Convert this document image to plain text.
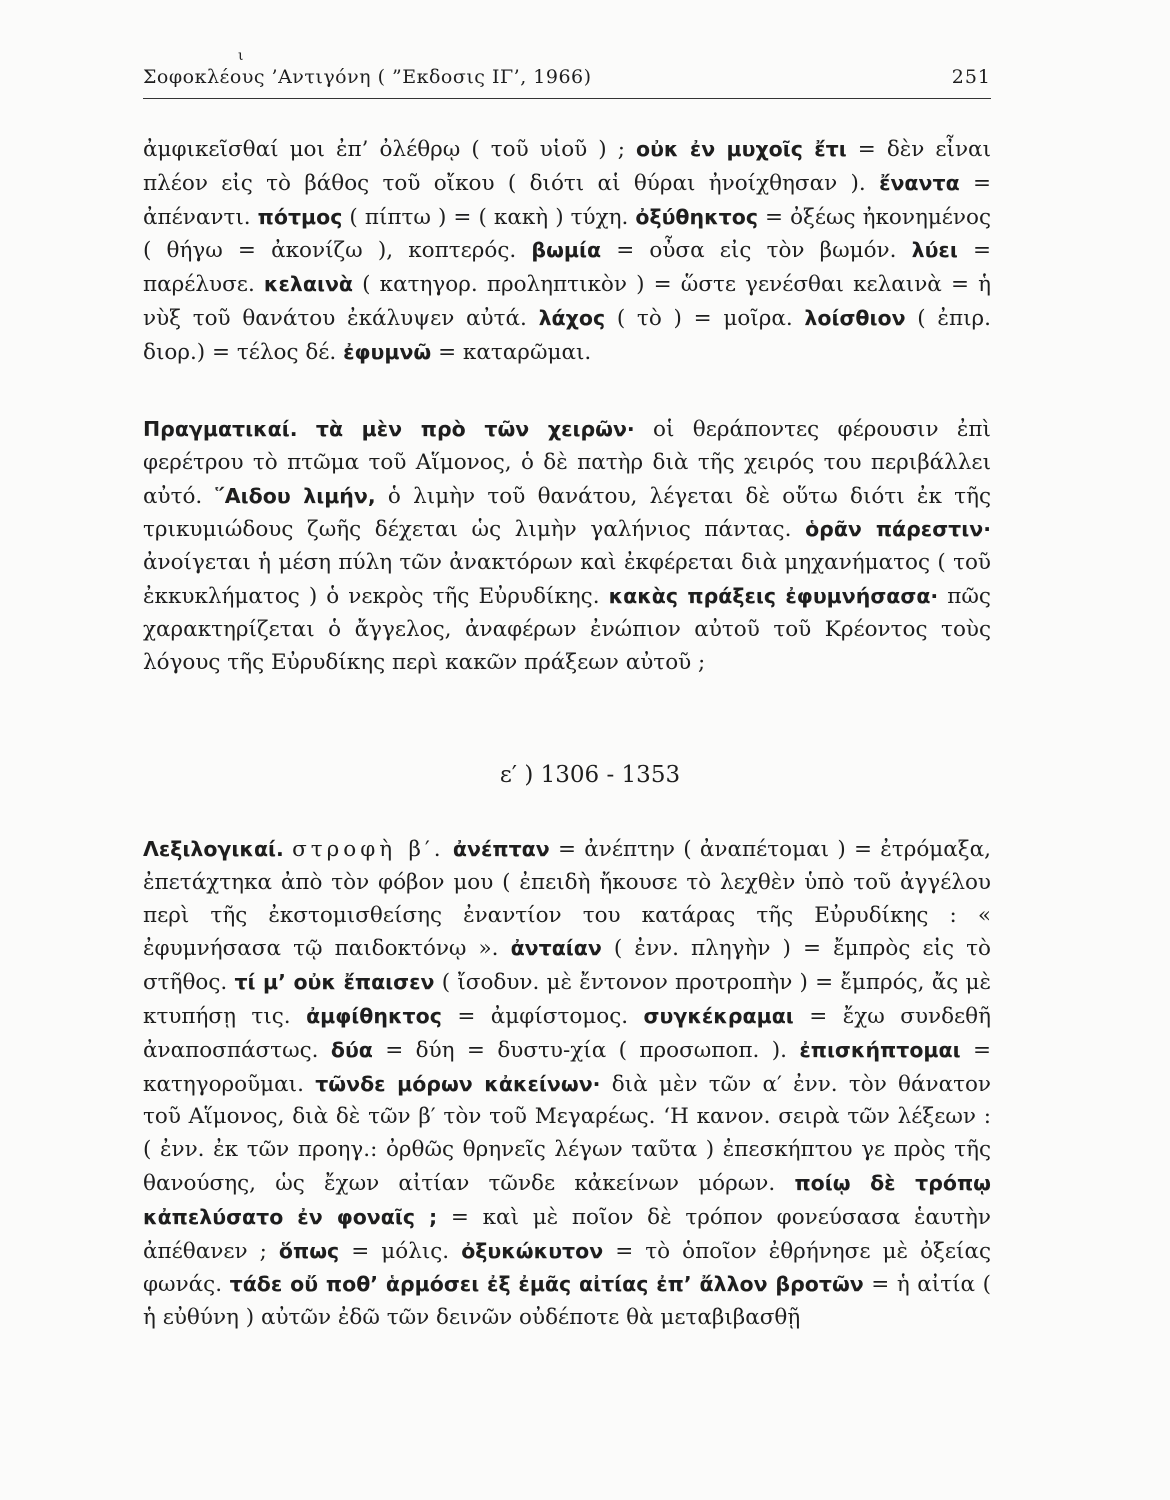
ι
Σοφοκλέους ’Αντιγόνη ( ”Εκδοσις ΙΓ’, 1966)	251
ἀμφικεῖσθαί μοι ἐπ’ ὀλέθρῳ ( τοῦ υἱοῦ ) ; οὐκ ἐν μυχοῖς ἔτι = δὲν εἶναι πλέον εἰς τὸ βάθος τοῦ οἴκου ( διότι αἱ θύραι ἠνοίχθησαν ). ἔναντα = ἀπέναντι. πότμος ( πίπτω ) = ( κακὴ ) τύχη. ὀξύθηκτος = ὀξέως ἠκονημένος ( θήγω = ἀκονίζω ), κοπτερός. βωμία = οὖσα εἰς τὸν βωμόν. λύει = παρέλυσε. κελαινὰ ( κατηγορ. προληπτικὸν ) = ὥστε γενέσθαι κελαινὰ = ἡ νὺξ τοῦ θανάτου ἐκάλυψεν αὐτά. λάχος ( τὸ ) = μοῖρα. λοίσθιον ( ἐπιρ. διορ.) = τέλος δέ. ἐφυμνῶ = καταρῶμαι.
Πραγματικαί. τὰ μὲν πρὸ τῶν χειρῶν· οἱ θεράποντες φέρουσιν ἐπὶ φερέτρου τὸ πτῶμα τοῦ Αἵμονος, ὁ δὲ πατὴρ διὰ τῆς χειρός του περιβάλλει αὐτό. ῞Αιδου λιμήν, ὁ λιμὴν τοῦ θανάτου, λέγεται δὲ οὕτω διότι ἐκ τῆς τρικυμιώδους ζωῆς δέχεται ὡς λιμὴν γαλήνιος πάντας. ὁρᾶν πάρεστιν· ἀνοίγεται ἡ μέση πύλη τῶν ἀνακτόρων καὶ ἐκφέρεται διὰ μηχανήματος ( τοῦ ἐκκυκλήματος ) ὁ νεκρὸς τῆς Εὐρυδίκης. κακὰς πράξεις ἐφυμνήσασα· πῶς χαρακτηρίζεται ὁ ἄγγελος, ἀναφέρων ἐνώπιον αὐτοῦ τοῦ Κρέοντος τοὺς λόγους τῆς Εὐρυδίκης περὶ κακῶν πράξεων αὐτοῦ ;
ε′ ) 1306 - 1353
Λεξιλογικαί. στροφὴ β′. ἀνέπταν = ἀνέπτην ( ἀναπέτομαι ) = ἐτρόμαξα, ἐπετάχτηκα ἀπὸ τὸν φόβον μου ( ἐπειδὴ ἤκουσε τὸ λεχθὲν ὑπὸ τοῦ ἀγγέλου περὶ τῆς ἐκστομισθείσης ἐναντίον του κατάρας τῆς Εὐρυδίκης : « ἐφυμνήσασα τῷ παιδοκτόνῳ ». ἀνταίαν ( ἐνν. πληγὴν ) = ἔμπρὸς εἰς τὸ στῆθος. τί μ’ οὐκ ἔπαισεν ( ἴσοδυν. μὲ ἔντονον προτροπὴν ) = ἔμπρός, ἄς μὲ κτυπήσῃ τις. ἀμφίθηκτος = ἀμφίστομος. συγκέκραμαι = ἔχω συνδεθῆ ἀναποσπάστως. δύα = δύη = δυστυ-χία ( προσωποπ. ). ἐπισκήπτομαι = κατηγοροῦμαι. τῶνδε μόρων κἀκείνων· διὰ μὲν τῶν α′ ἐνν. τὸν θάνατον τοῦ Αἵμονος, διὰ δὲ τῶν β′ τὸν τοῦ Μεγαρέως. ‘Η κανον. σειρὰ τῶν λέξεων : ( ἐνν. ἐκ τῶν προηγ.: ὀρθῶς θρηνεῖς λέγων ταῦτα ) ἐπεσκήπτου γε πρὸς τῆς θανούσης, ὡς ἔχων αἰτίαν τῶνδε κἀκείνων μόρων. ποίῳ δὲ τρόπῳ κἀπελύσατο ἐν φοναῖς ; = καὶ μὲ ποῖον δὲ τρόπον φονεύσασα ἑαυτὴν ἀπέθανεν ; ὅπως = μόλις. ὀξυκώκυτον = τὸ ὁποῖον ἐθρήνησε μὲ ὀξείας φωνάς. τάδε οὔ ποθ’ ἁρμόσει ἐξ ἐμᾶς αἰτίας ἐπ’ ἄλλον βροτῶν = ἡ αἰτία ( ἡ εὐθύνη ) αὐτῶν ἐδῶ τῶν δεινῶν οὐδέποτε θὰ μεταβιβασθῇ
